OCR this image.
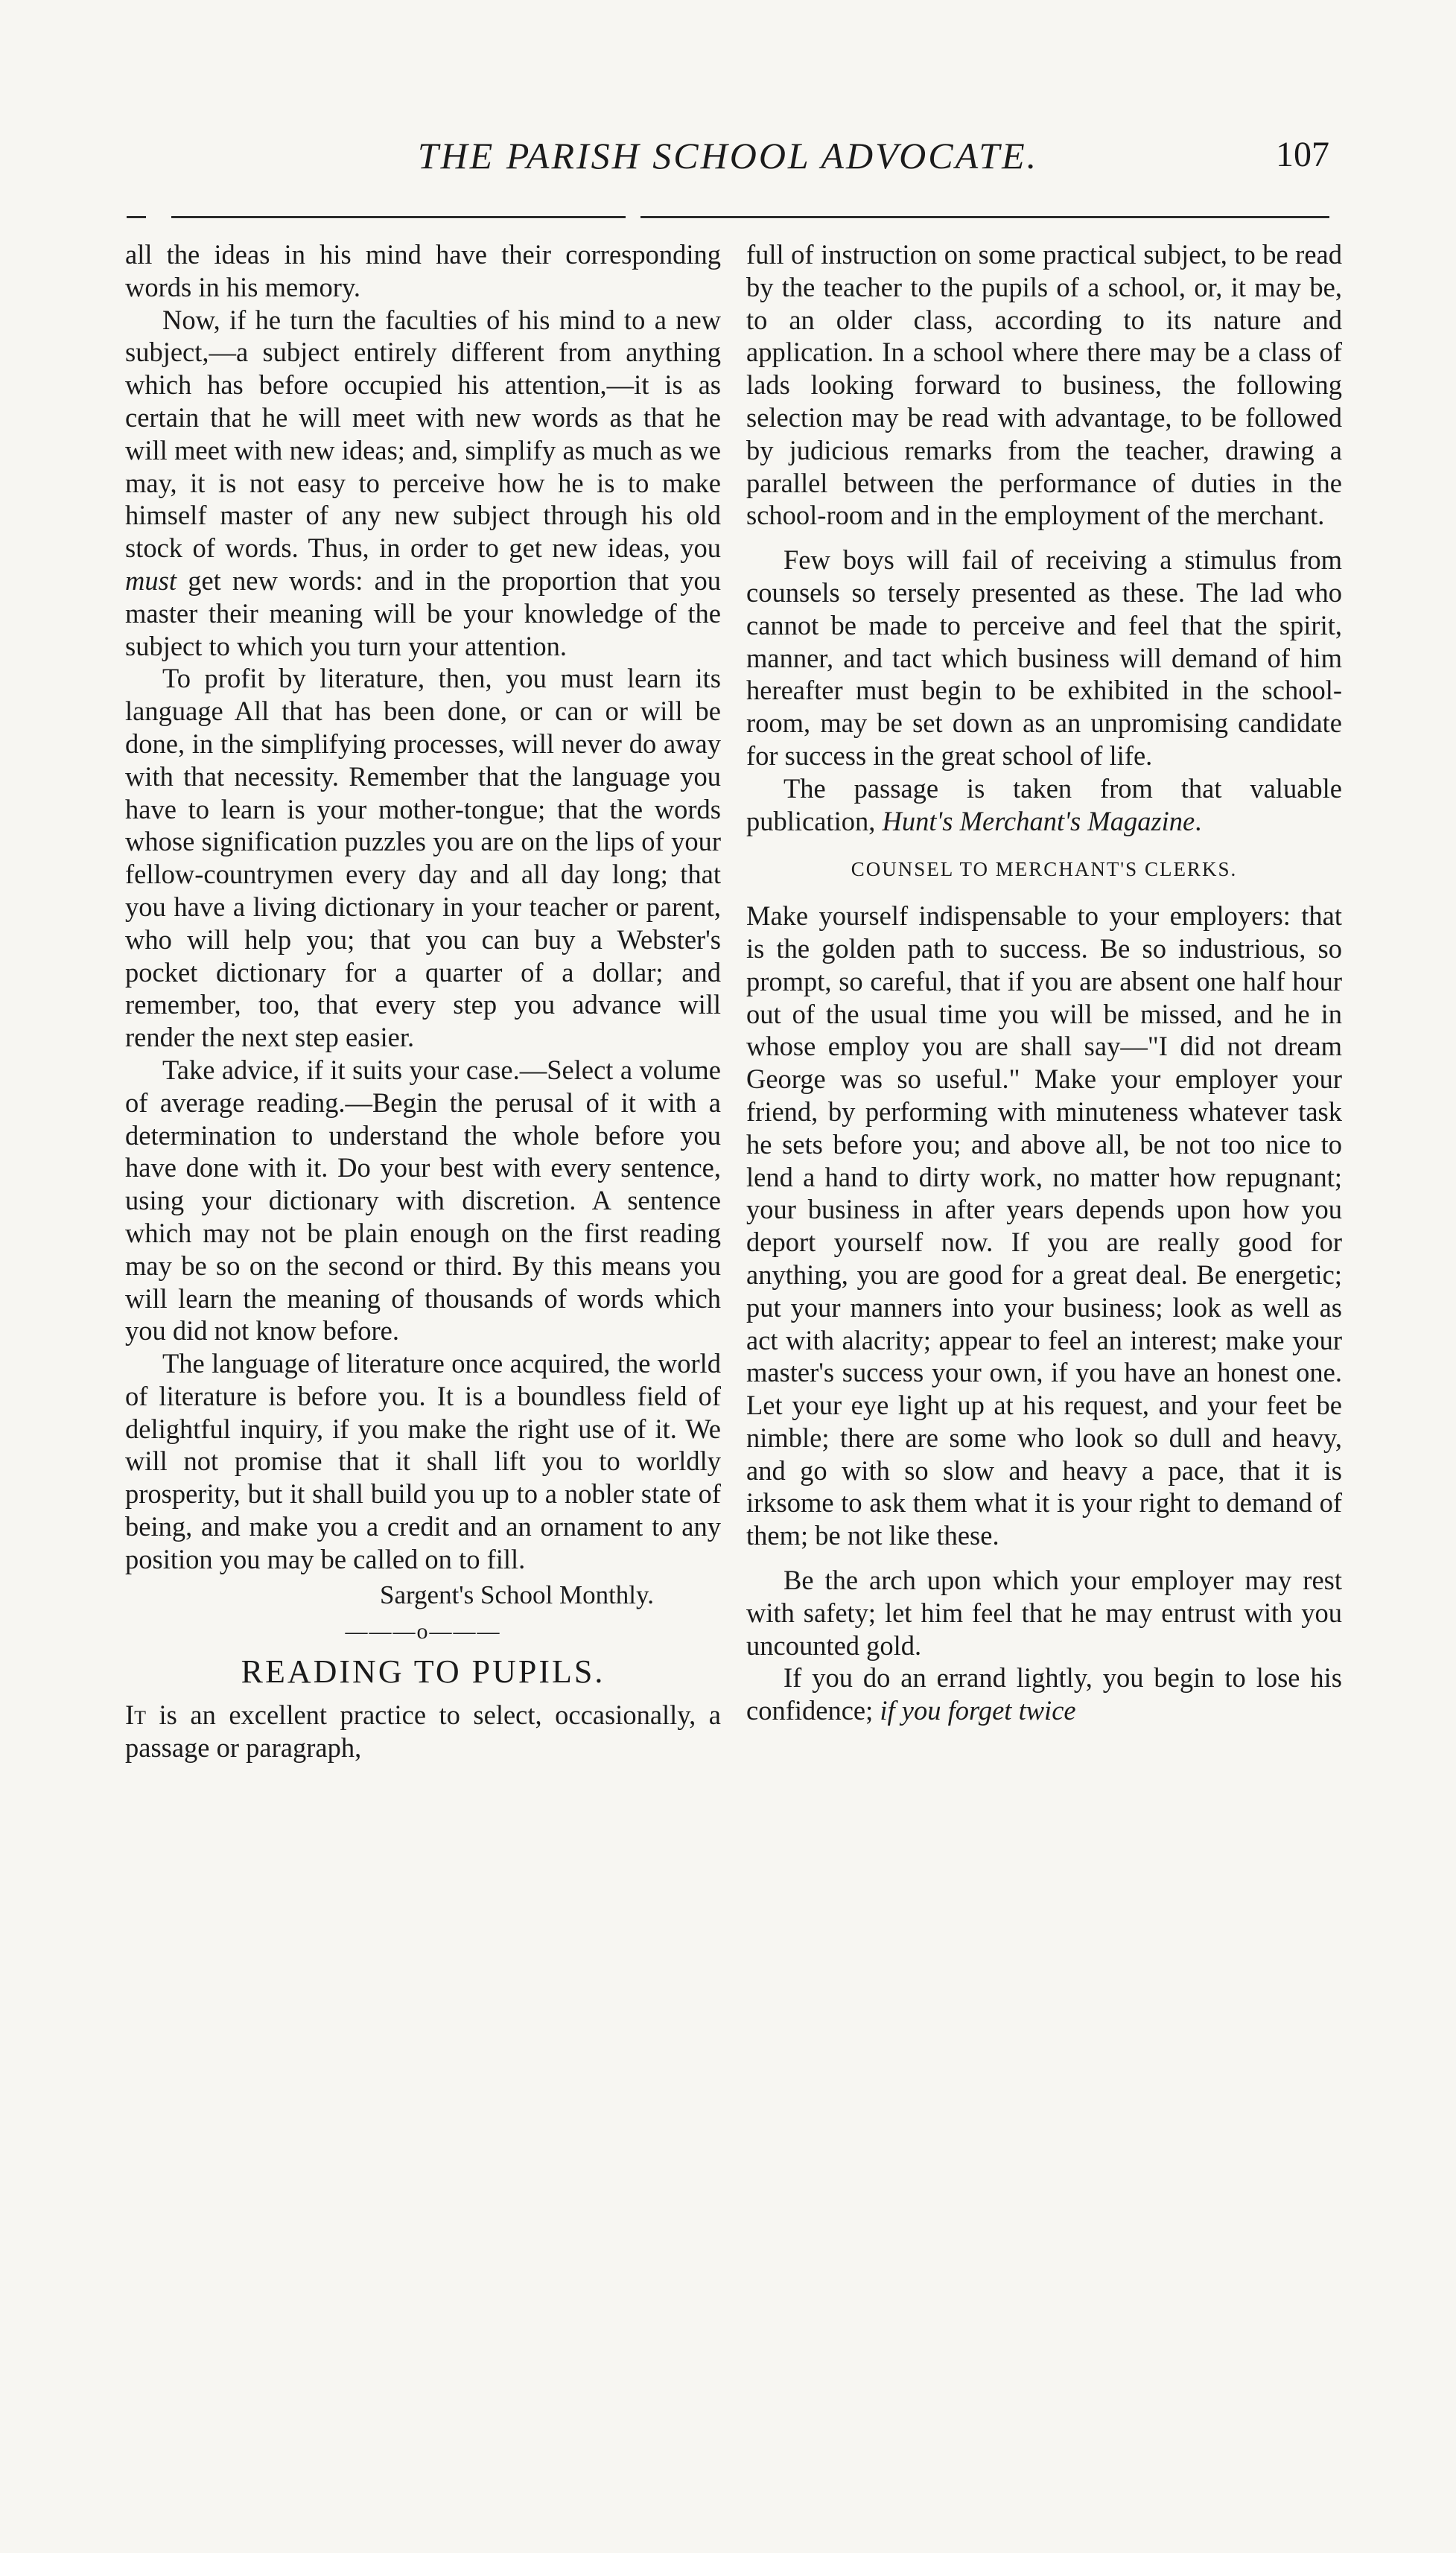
THE PARISH SCHOOL ADVOCATE.	107

all the ideas in his mind have their corresponding words in his memory.

Now, if he turn the faculties of his mind to a new subject,—a subject entirely different from anything which has before occupied his attention,—it is as certain that he will meet with new words as that he will meet with new ideas; and, simplify as much as we may, it is not easy to perceive how he is to make himself master of any new subject through his old stock of words. Thus, in order to get new ideas, you must get new words: and in the proportion that you master their meaning will be your knowledge of the subject to which you turn your attention.

To profit by literature, then, you must learn its language All that has been done, or can or will be done, in the simplifying processes, will never do away with that necessity. Remember that the language you have to learn is your mother-tongue; that the words whose signification puzzles you are on the lips of your fellow-countrymen every day and all day long; that you have a living dictionary in your teacher or parent, who will help you; that you can buy a Webster's pocket dictionary for a quarter of a dollar; and remember, too, that every step you advance will render the next step easier.

Take advice, if it suits your case.—Select a volume of average reading.—Begin the perusal of it with a determination to understand the whole before you have done with it. Do your best with every sentence, using your dictionary with discretion. A sentence which may not be plain enough on the first reading may be so on the second or third. By this means you will learn the meaning of thousands of words which you did not know before.

The language of literature once acquired, the world of literature is before you. It is a boundless field of delightful inquiry, if you make the right use of it. We will not promise that it shall lift you to worldly prosperity, but it shall build you up to a nobler state of being, and make you a credit and an ornament to any position you may be called on to fill.

Sargent's School Monthly.
———o———
READING TO PUPILS.

It is an excellent practice to select, occasionally, a passage or paragraph,

full of instruction on some practical subject, to be read by the teacher to the pupils of a school, or, it may be, to an older class, according to its nature and application. In a school where there may be a class of lads looking forward to business, the following selection may be read with advantage, to be followed by judicious remarks from the teacher, drawing a parallel between the performance of duties in the school-room and in the employment of the merchant.

Few boys will fail of receiving a stimulus from counsels so tersely presented as these. The lad who cannot be made to perceive and feel that the spirit, manner, and tact which business will demand of him hereafter must begin to be exhibited in the school-room, may be set down as an unpromising candidate for success in the great school of life.

The passage is taken from that valuable publication, Hunt's Merchant's Magazine.

COUNSEL TO MERCHANT'S CLERKS.

Make yourself indispensable to your employers: that is the golden path to success. Be so industrious, so prompt, so careful, that if you are absent one half hour out of the usual time you will be missed, and he in whose employ you are shall say—"I did not dream George was so useful." Make your employer your friend, by performing with minuteness whatever task he sets before you; and above all, be not too nice to lend a hand to dirty work, no matter how repugnant; your business in after years depends upon how you deport yourself now. If you are really good for anything, you are good for a great deal. Be energetic; put your manners into your business; look as well as act with alacrity; appear to feel an interest; make your master's success your own, if you have an honest one. Let your eye light up at his request, and your feet be nimble; there are some who look so dull and heavy, and go with so slow and heavy a pace, that it is irksome to ask them what it is your right to demand of them; be not like these.

Be the arch upon which your employer may rest with safety; let him feel that he may entrust with you uncounted gold.

If you do an errand lightly, you begin to lose his confidence; if you forget twice
